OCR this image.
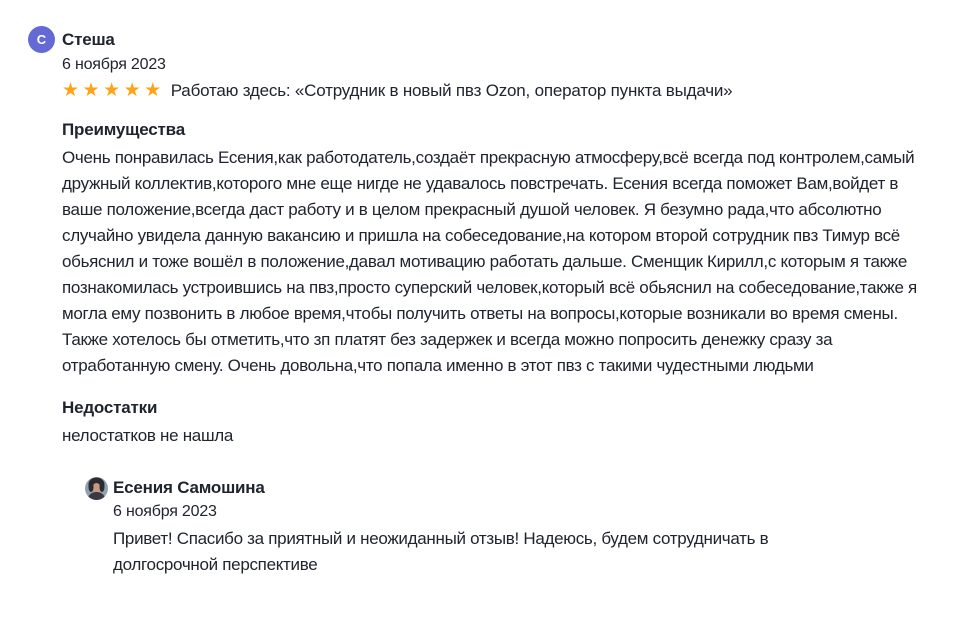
С Стеша
6 ноября 2023
★★★★★ Работаю здесь: «Сотрудник в новый пвз Ozon, оператор пункта выдачи»
Преимущества
Очень понравилась Есения,как работодатель,создаёт прекрасную атмосферу,всё всегда под контролем,самый дружный коллектив,которого мне еще нигде не удавалось повстречать. Есения всегда поможет Вам,войдет в ваше положение,всегда даст работу и в целом прекрасный душой человек. Я безумно рада,что абсолютно случайно увидела данную вакансию и пришла на собеседование,на котором второй сотрудник пвз Тимур всё обьяснил и тоже вошёл в положение,давал мотивацию работать дальше. Сменщик Кирилл,с которым я также познакомилась устроившись на пвз,просто суперский человек,который всё обьяснил на собеседование,также я могла ему позвонить в любое время,чтобы получить ответы на вопросы,которые возникали во время смены. Также хотелось бы отметить,что зп платят без задержек и всегда можно попросить денежку сразу за отработанную смену. Очень довольна,что попала именно в этот пвз с такими чудестными людьми
Недостатки
нелостатков не нашла
Есения Самошина
6 ноября 2023
Привет! Спасибо за приятный и неожиданный отзыв! Надеюсь, будем сотрудничать в долгосрочной перспективе
